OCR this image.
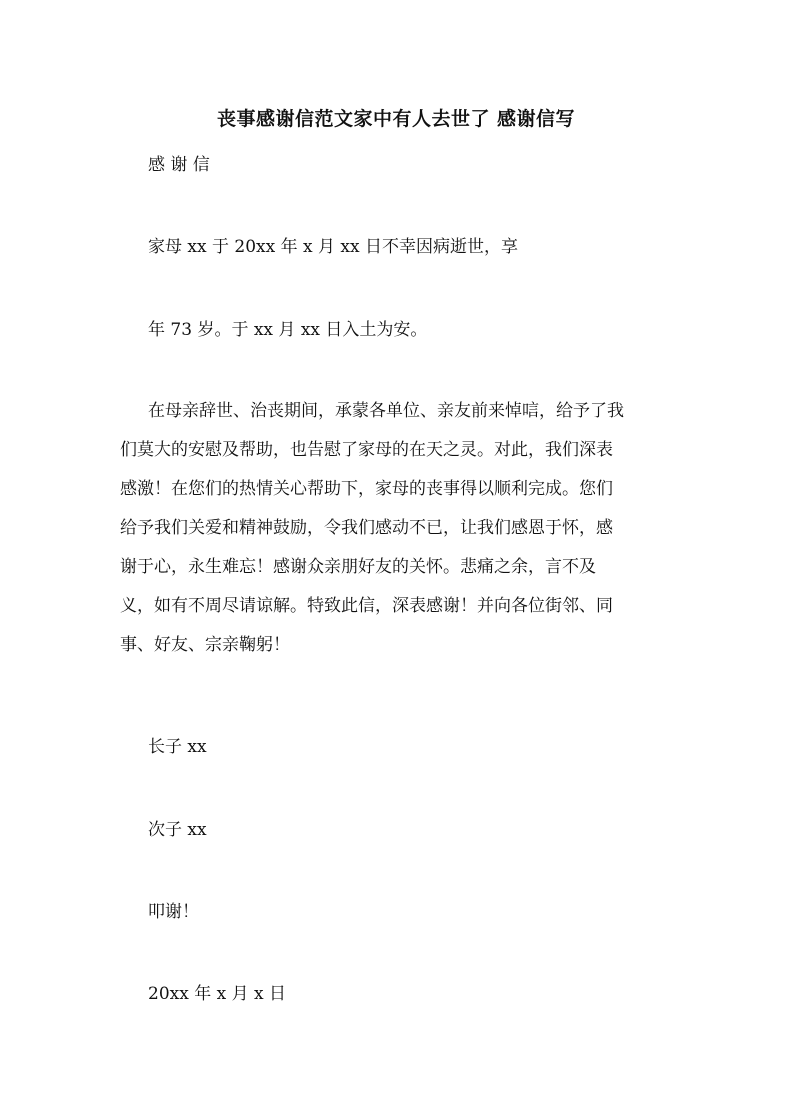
丧事感谢信范文家中有人去世了 感谢信写
感 谢 信
家母 xx 于 20xx 年 x 月 xx 日不幸因病逝世，享
年 73 岁。于 xx 月 xx 日入土为安。
在母亲辞世、治丧期间，承蒙各单位、亲友前来悼唁，给予了我
们莫大的安慰及帮助，也告慰了家母的在天之灵。对此，我们深表
感激！在您们的热情关心帮助下，家母的丧事得以顺利完成。您们
给予我们关爱和精神鼓励，令我们感动不已，让我们感恩于怀，感
谢于心，永生难忘！感谢众亲朋好友的关怀。悲痛之余，言不及
义，如有不周尽请谅解。特致此信，深表感谢！并向各位街邻、同
事、好友、宗亲鞠躬！
长子 xx
次子 xx
叩谢！
20xx 年 x 月 x 日
